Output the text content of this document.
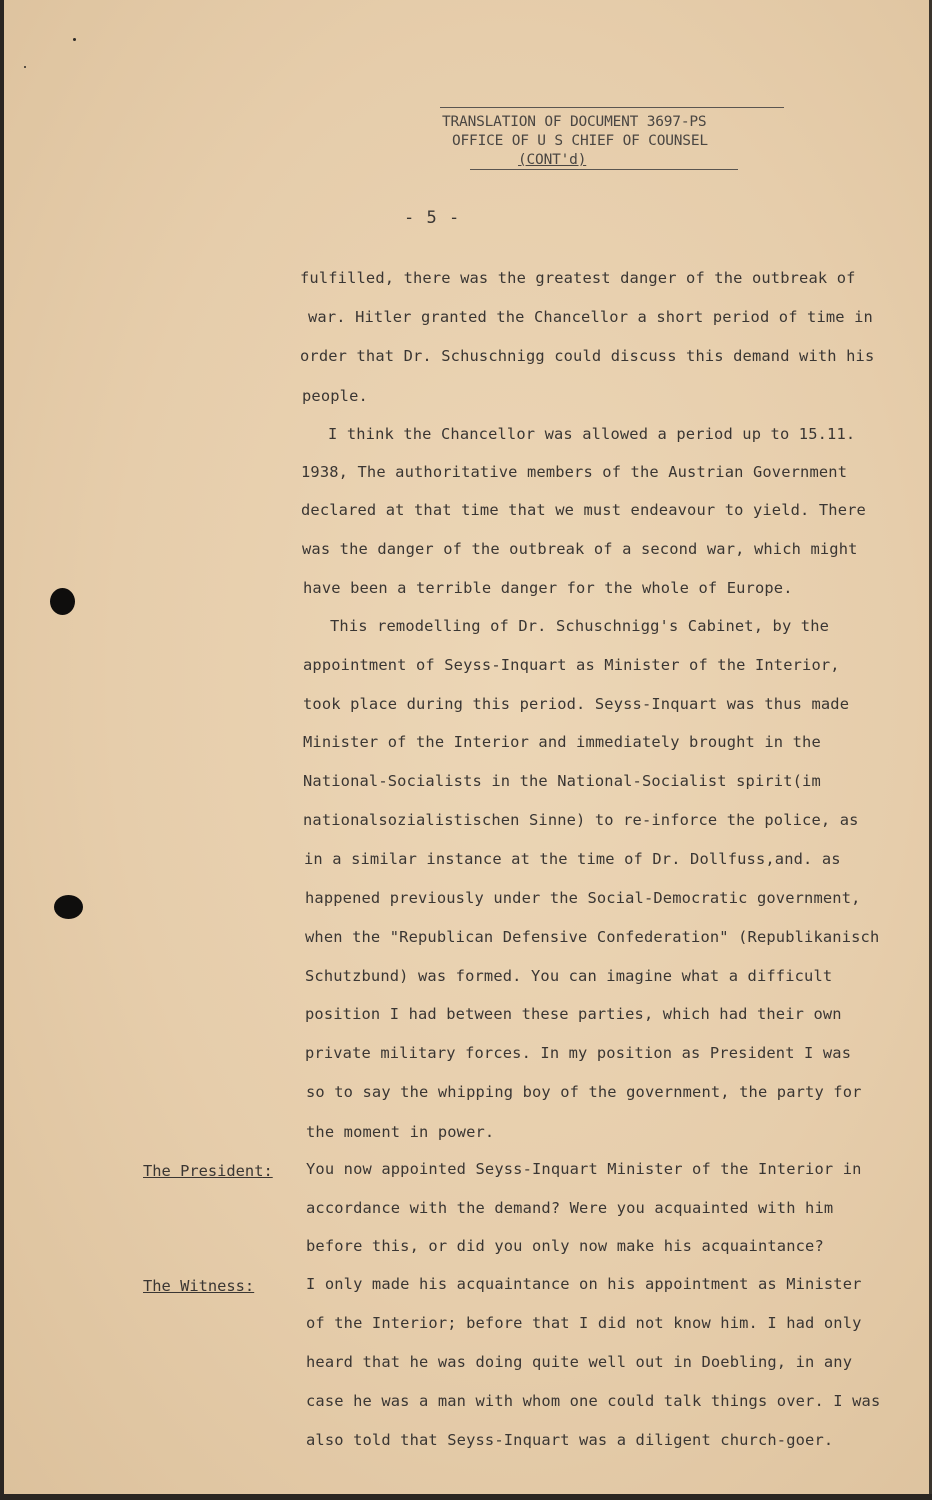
TRANSLATION OF DOCUMENT 3697-PS
OFFICE OF U S CHIEF OF COUNSEL
(CONT'd)
- 5 -
fulfilled, there was the greatest danger of the outbreak of
war. Hitler granted the Chancellor a short period of time in
order that Dr. Schuschnigg could discuss this demand with his
people.
I think the Chancellor was allowed a period up to 15.11.
1938, The authoritative members of the Austrian Government
declared at that time that we must endeavour to yield. There
was the danger of the outbreak of a second war, which might
have been a terrible danger for the whole of Europe.
This remodelling of Dr. Schuschnigg's Cabinet, by the
appointment of Seyss-Inquart as Minister of the Interior,
took place during this period. Seyss-Inquart was thus made
Minister of the Interior and immediately brought in the
National-Socialists in the National-Socialist spirit(im
nationalsozialistischen Sinne) to re-inforce the police, as
in a similar instance at the time of Dr. Dollfuss,and. as
happened previously under the Social-Democratic government,
when the "Republican Defensive Confederation" (Republikanisch
Schutzbund) was formed. You can imagine what a difficult
position I had between these parties, which had their own
private military forces. In my position as President I was
so to say the whipping boy of the government, the party for
the moment in power.
The President: You now appointed Seyss-Inquart Minister of the Interior in
accordance with the demand? Were you acquainted with him
before this, or did you only now make his acquaintance?
The Witness:	I only made his acquaintance on his appointment as Minister
of the Interior; before that I did not know him. I had only
heard that he was doing quite well out in Doebling, in any
case he was a man with whom one could talk things over. I was
also told that Seyss-Inquart was a diligent church-goer.
